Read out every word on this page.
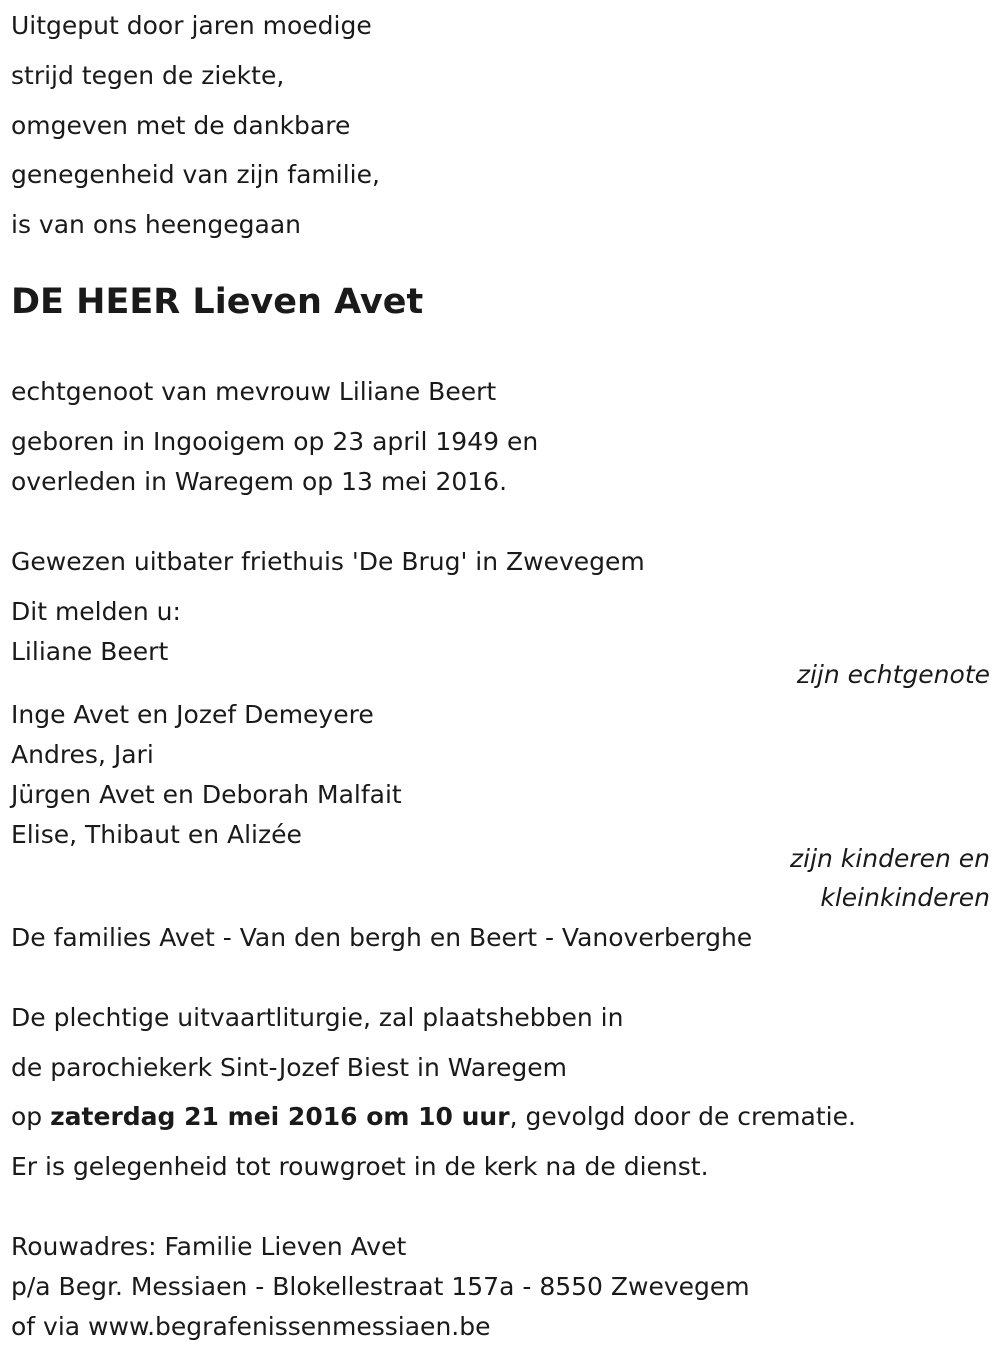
Uitgeput door jaren moedige
strijd tegen de ziekte,
omgeven met de dankbare
genegenheid van zijn familie,
is van ons heengegaan
DE HEER Lieven Avet
echtgenoot van mevrouw Liliane Beert
geboren in Ingooigem op 23 april 1949 en
overleden in Waregem op 13 mei 2016.
Gewezen uitbater friethuis 'De Brug' in Zwevegem
Dit melden u:
Liliane Beert
zijn echtgenote
Inge Avet en Jozef Demeyere
Andres, Jari
Jürgen Avet en Deborah Malfait
Elise, Thibaut en Alizée
zijn kinderen en
kleinkinderen
De families Avet - Van den bergh en Beert - Vanoverberghe
De plechtige uitvaartliturgie, zal plaatshebben in
de parochiekerk Sint-Jozef Biest in Waregem
op zaterdag 21 mei 2016 om 10 uur, gevolgd door de crematie.
Er is gelegenheid tot rouwgroet in de kerk na de dienst.
Rouwadres: Familie Lieven Avet
p/a Begr. Messiaen - Blokellestraat 157a - 8550 Zwevegem
of via www.begrafenissenmessiaen.be
